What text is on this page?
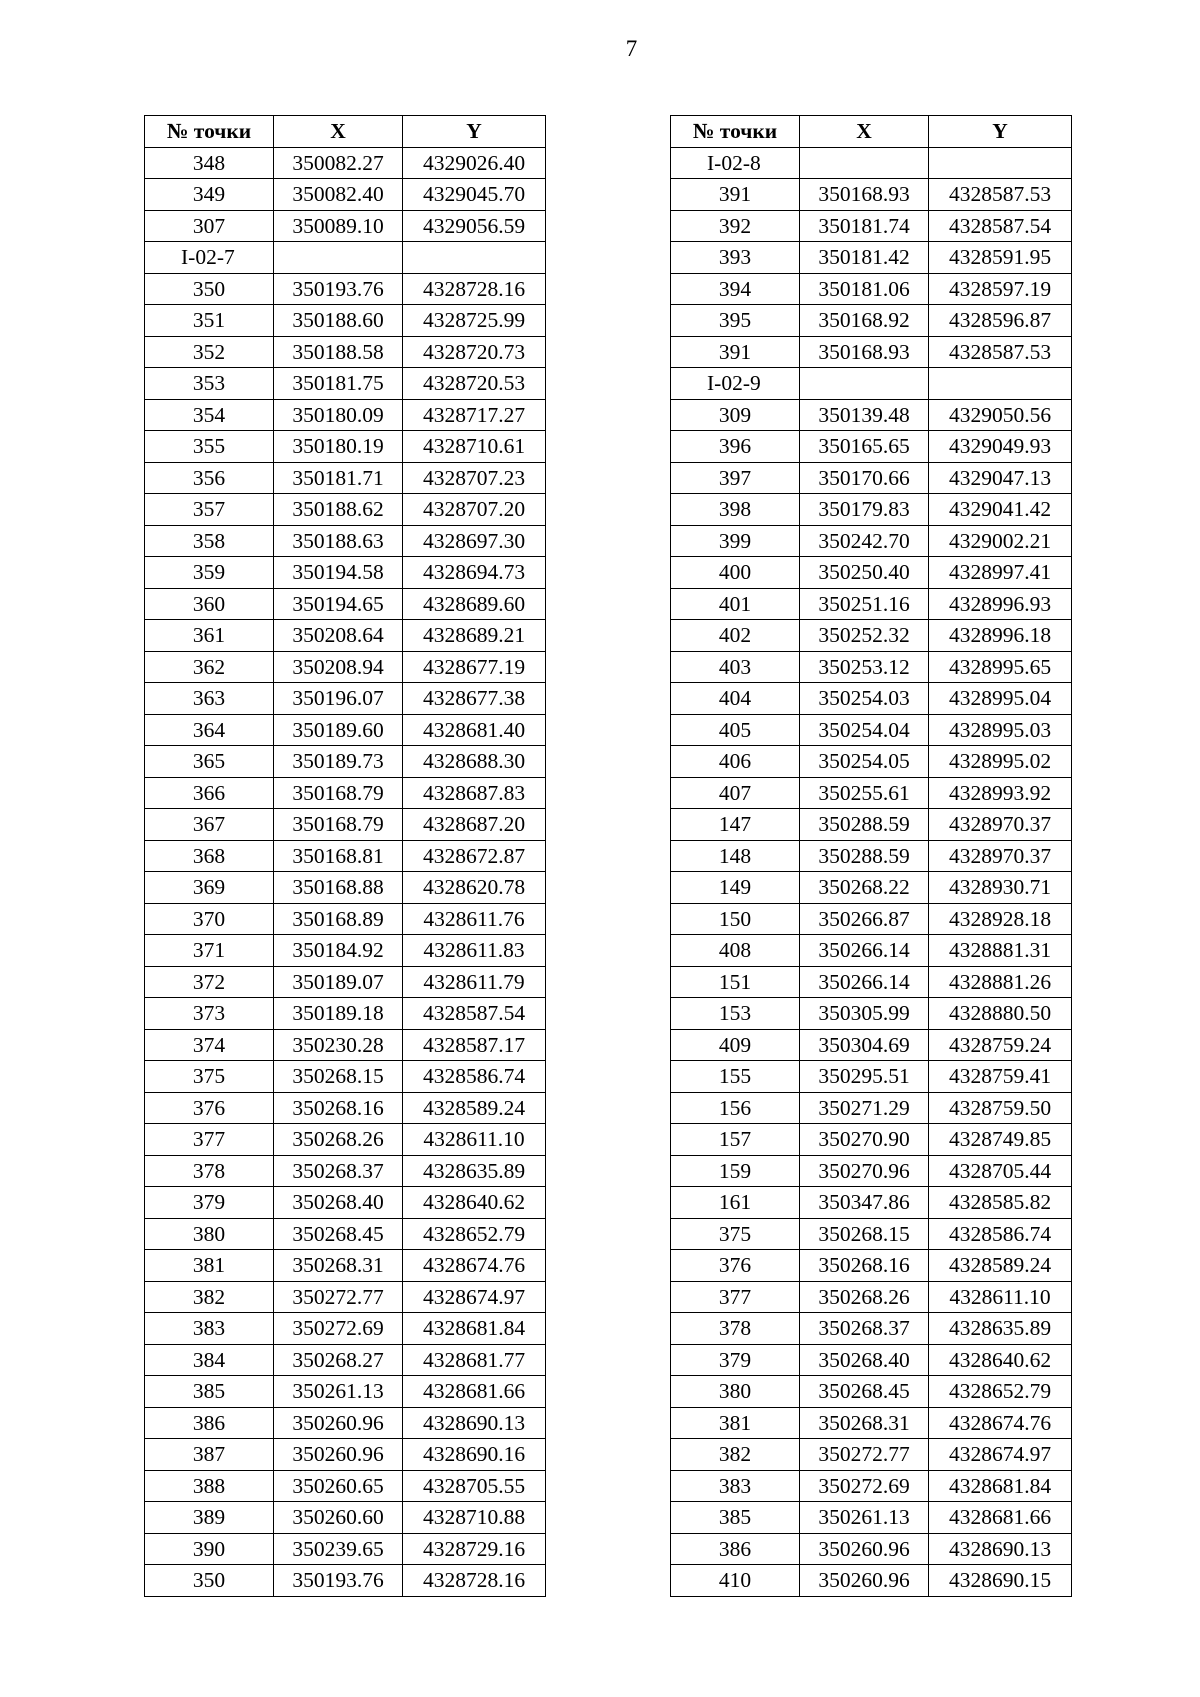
7
№ точки	X	Y
348	350082.27	4329026.40
349	350082.40	4329045.70
307	350089.10	4329056.59
I-02-7		
350	350193.76	4328728.16
351	350188.60	4328725.99
352	350188.58	4328720.73
353	350181.75	4328720.53
354	350180.09	4328717.27
355	350180.19	4328710.61
356	350181.71	4328707.23
357	350188.62	4328707.20
358	350188.63	4328697.30
359	350194.58	4328694.73
360	350194.65	4328689.60
361	350208.64	4328689.21
362	350208.94	4328677.19
363	350196.07	4328677.38
364	350189.60	4328681.40
365	350189.73	4328688.30
366	350168.79	4328687.83
367	350168.79	4328687.20
368	350168.81	4328672.87
369	350168.88	4328620.78
370	350168.89	4328611.76
371	350184.92	4328611.83
372	350189.07	4328611.79
373	350189.18	4328587.54
374	350230.28	4328587.17
375	350268.15	4328586.74
376	350268.16	4328589.24
377	350268.26	4328611.10
378	350268.37	4328635.89
379	350268.40	4328640.62
380	350268.45	4328652.79
381	350268.31	4328674.76
382	350272.77	4328674.97
383	350272.69	4328681.84
384	350268.27	4328681.77
385	350261.13	4328681.66
386	350260.96	4328690.13
387	350260.96	4328690.16
388	350260.65	4328705.55
389	350260.60	4328710.88
390	350239.65	4328729.16
350	350193.76	4328728.16
№ точки	X	Y
I-02-8		
391	350168.93	4328587.53
392	350181.74	4328587.54
393	350181.42	4328591.95
394	350181.06	4328597.19
395	350168.92	4328596.87
391	350168.93	4328587.53
I-02-9		
309	350139.48	4329050.56
396	350165.65	4329049.93
397	350170.66	4329047.13
398	350179.83	4329041.42
399	350242.70	4329002.21
400	350250.40	4328997.41
401	350251.16	4328996.93
402	350252.32	4328996.18
403	350253.12	4328995.65
404	350254.03	4328995.04
405	350254.04	4328995.03
406	350254.05	4328995.02
407	350255.61	4328993.92
147	350288.59	4328970.37
148	350288.59	4328970.37
149	350268.22	4328930.71
150	350266.87	4328928.18
408	350266.14	4328881.31
151	350266.14	4328881.26
153	350305.99	4328880.50
409	350304.69	4328759.24
155	350295.51	4328759.41
156	350271.29	4328759.50
157	350270.90	4328749.85
159	350270.96	4328705.44
161	350347.86	4328585.82
375	350268.15	4328586.74
376	350268.16	4328589.24
377	350268.26	4328611.10
378	350268.37	4328635.89
379	350268.40	4328640.62
380	350268.45	4328652.79
381	350268.31	4328674.76
382	350272.77	4328674.97
383	350272.69	4328681.84
385	350261.13	4328681.66
386	350260.96	4328690.13
410	350260.96	4328690.15
